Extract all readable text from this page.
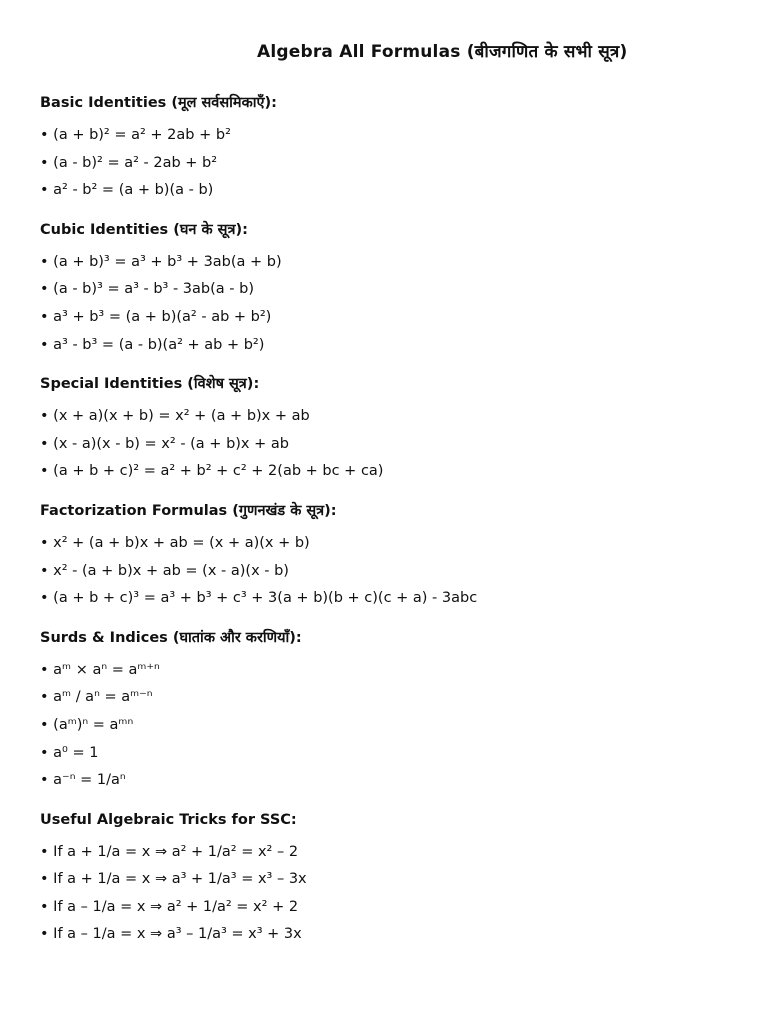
Algebra All Formulas (बीजगणित के सभी सूत्र)
Basic Identities (मूल सर्वसमिकाएँ):
• (a + b)² = a² + 2ab + b²
• (a - b)² = a² - 2ab + b²
• a² - b² = (a + b)(a - b)
Cubic Identities (घन के सूत्र):
• (a + b)³ = a³ + b³ + 3ab(a + b)
• (a - b)³ = a³ - b³ - 3ab(a - b)
• a³ + b³ = (a + b)(a² - ab + b²)
• a³ - b³ = (a - b)(a² + ab + b²)
Special Identities (विशेष सूत्र):
• (x + a)(x + b) = x² + (a + b)x + ab
• (x - a)(x - b) = x² - (a + b)x + ab
• (a + b + c)² = a² + b² + c² + 2(ab + bc + ca)
Factorization Formulas (गुणनखंड के सूत्र):
• x² + (a + b)x + ab = (x + a)(x + b)
• x² - (a + b)x + ab = (x - a)(x - b)
• (a + b + c)³ = a³ + b³ + c³ + 3(a + b)(b + c)(c + a) - 3abc
Surds & Indices (घातांक और करणियाँ):
• aᵐ × aⁿ = aᵐ⁺ⁿ
• aᵐ / aⁿ = aᵐ⁻ⁿ
• (aᵐ)ⁿ = aᵐⁿ
• a⁰ = 1
• a⁻ⁿ = 1/aⁿ
Useful Algebraic Tricks for SSC:
• If a + 1/a = x ⇒ a² + 1/a² = x² – 2
• If a + 1/a = x ⇒ a³ + 1/a³ = x³ – 3x
• If a – 1/a = x ⇒ a² + 1/a² = x² + 2
• If a – 1/a = x ⇒ a³ – 1/a³ = x³ + 3x
